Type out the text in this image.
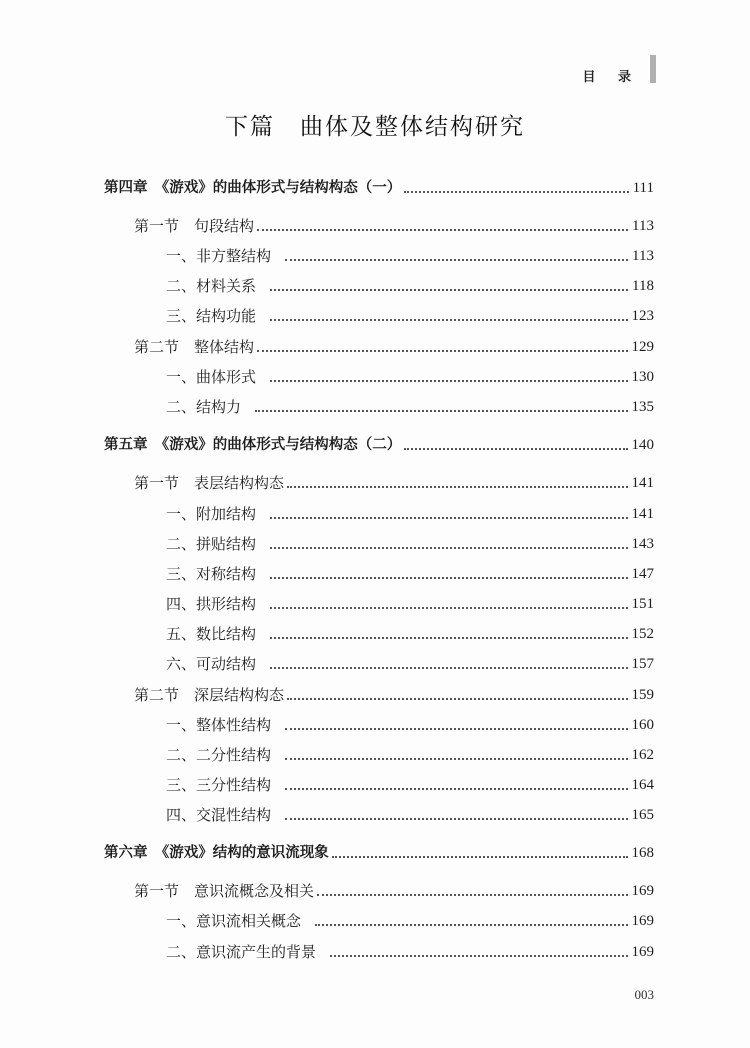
目 录
下篇　曲体及整体结构研究
第四章　《游戏》的曲体形式与结构构态（一）	111
第一节　句段结构	113
一、非方整结构	113
二、材料关系	118
三、结构功能	123
第二节　整体结构	129
一、曲体形式	130
二、结构力	135
第五章　《游戏》的曲体形式与结构构态（二）	140
第一节　表层结构构态	141
一、附加结构	141
二、拼贴结构	143
三、对称结构	147
四、拱形结构	151
五、数比结构	152
六、可动结构	157
第二节　深层结构构态	159
一、整体性结构	160
二、二分性结构	162
三、三分性结构	164
四、交混性结构	165
第六章　《游戏》结构的意识流现象	168
第一节　意识流概念及相关	169
一、意识流相关概念	169
二、意识流产生的背景	169
003
